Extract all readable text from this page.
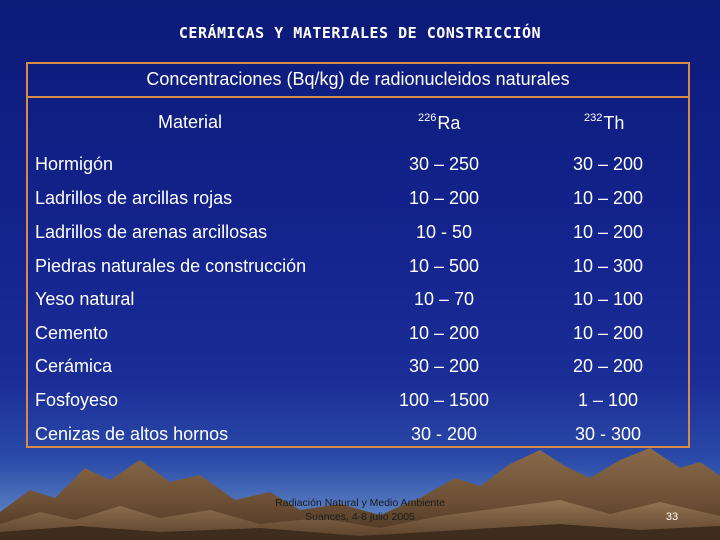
CERÁMICAS Y MATERIALES DE CONSTRICCIÓN
Concentraciones (Bq/kg) de radionucleidos naturales
Material	$^{226}$Ra	$^{232}$Th
Hormigón	30 – 250	30 – 200
Ladrillos de arcillas rojas	10 – 200	10 – 200
Ladrillos de arenas arcillosas	10 - 50	10 – 200
Piedras naturales de construcción	10 – 500	10 – 300
Yeso natural	10 – 70	10 – 100
Cemento	10 – 200	10 – 200
Cerámica	30 – 200	20 – 200
Fosfoyeso	100 – 1500	1 – 100
Cenizas de altos hornos	30 - 200	30 - 300
Radiación Natural y Medio Ambiente
Suances, 4-8 julio 2005	33
